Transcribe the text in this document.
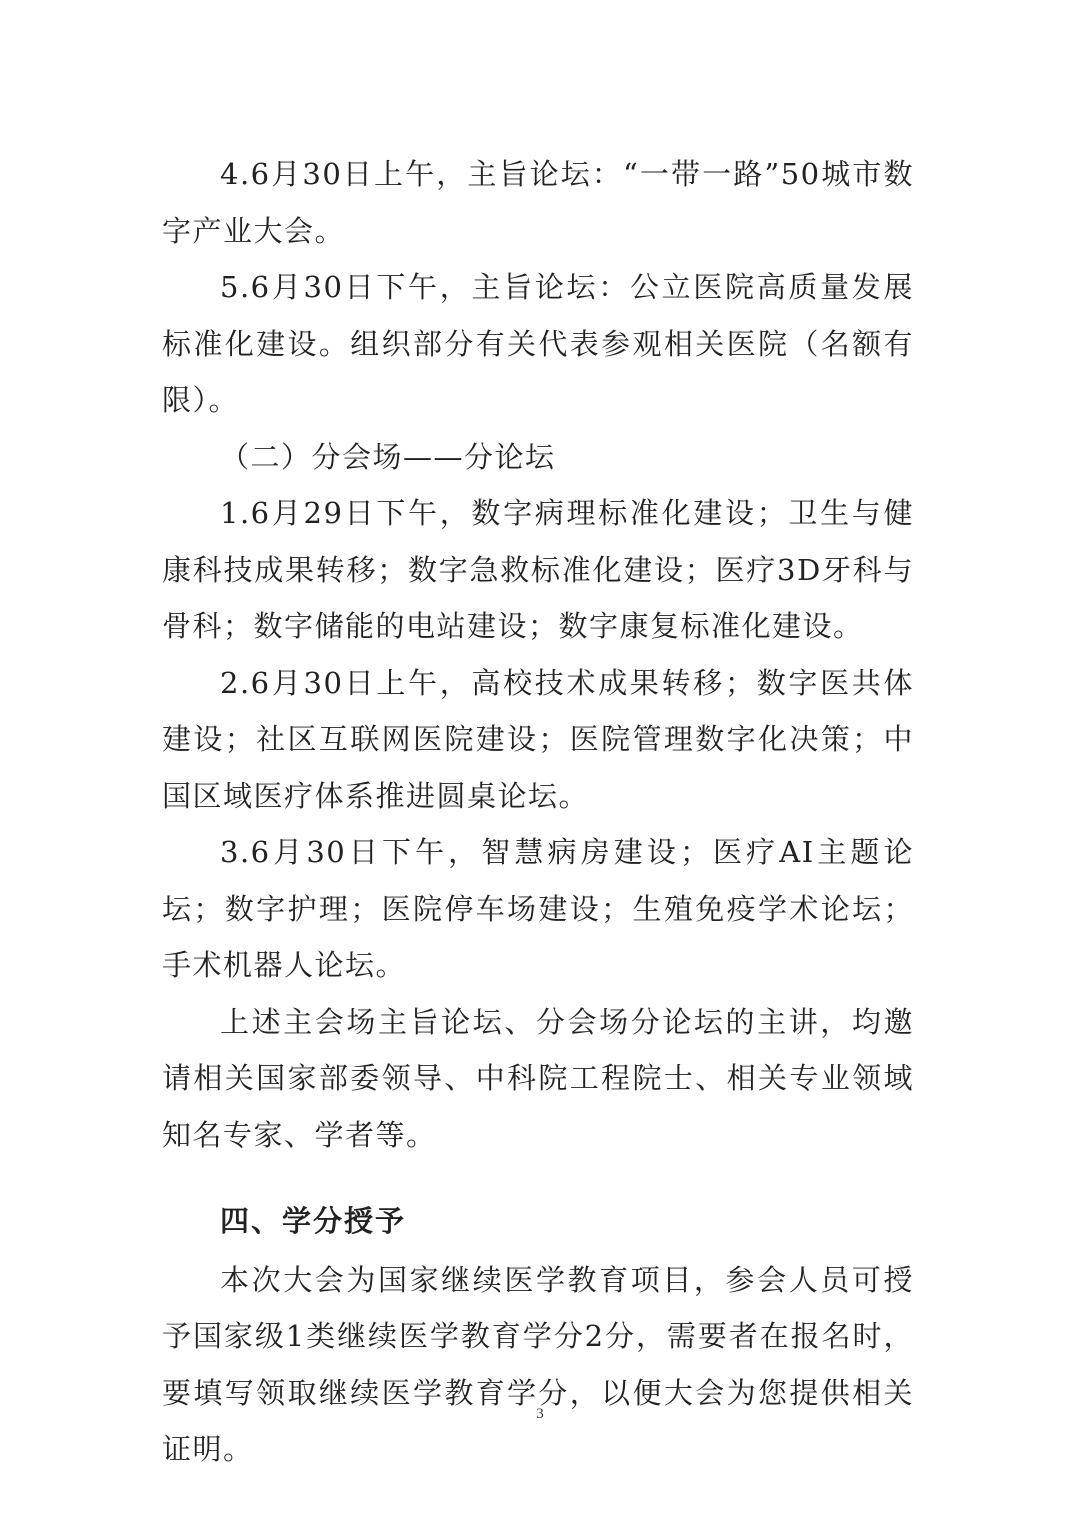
4.6月30日上午，主旨论坛：“一带一路”50城市数字产业大会。

5.6月30日下午，主旨论坛：公立医院高质量发展标准化建设。组织部分有关代表参观相关医院（名额有限）。

（二）分会场——分论坛

1.6月29日下午，数字病理标准化建设；卫生与健康科技成果转移；数字急救标准化建设；医疗3D牙科与骨科；数字储能的电站建设；数字康复标准化建设。

2.6月30日上午，高校技术成果转移；数字医共体建设；社区互联网医院建设；医院管理数字化决策；中国区域医疗体系推进圆桌论坛。

3.6月30日下午，智慧病房建设；医疗AI主题论坛；数字护理；医院停车场建设；生殖免疫学术论坛；手术机器人论坛。

上述主会场主旨论坛、分会场分论坛的主讲，均邀请相关国家部委领导、中科院工程院士、相关专业领域知名专家、学者等。

四、学分授予

本次大会为国家继续医学教育项目，参会人员可授予国家级1类继续医学教育学分2分，需要者在报名时，要填写领取继续医学教育学分，以便大会为您提供相关证明。

3
